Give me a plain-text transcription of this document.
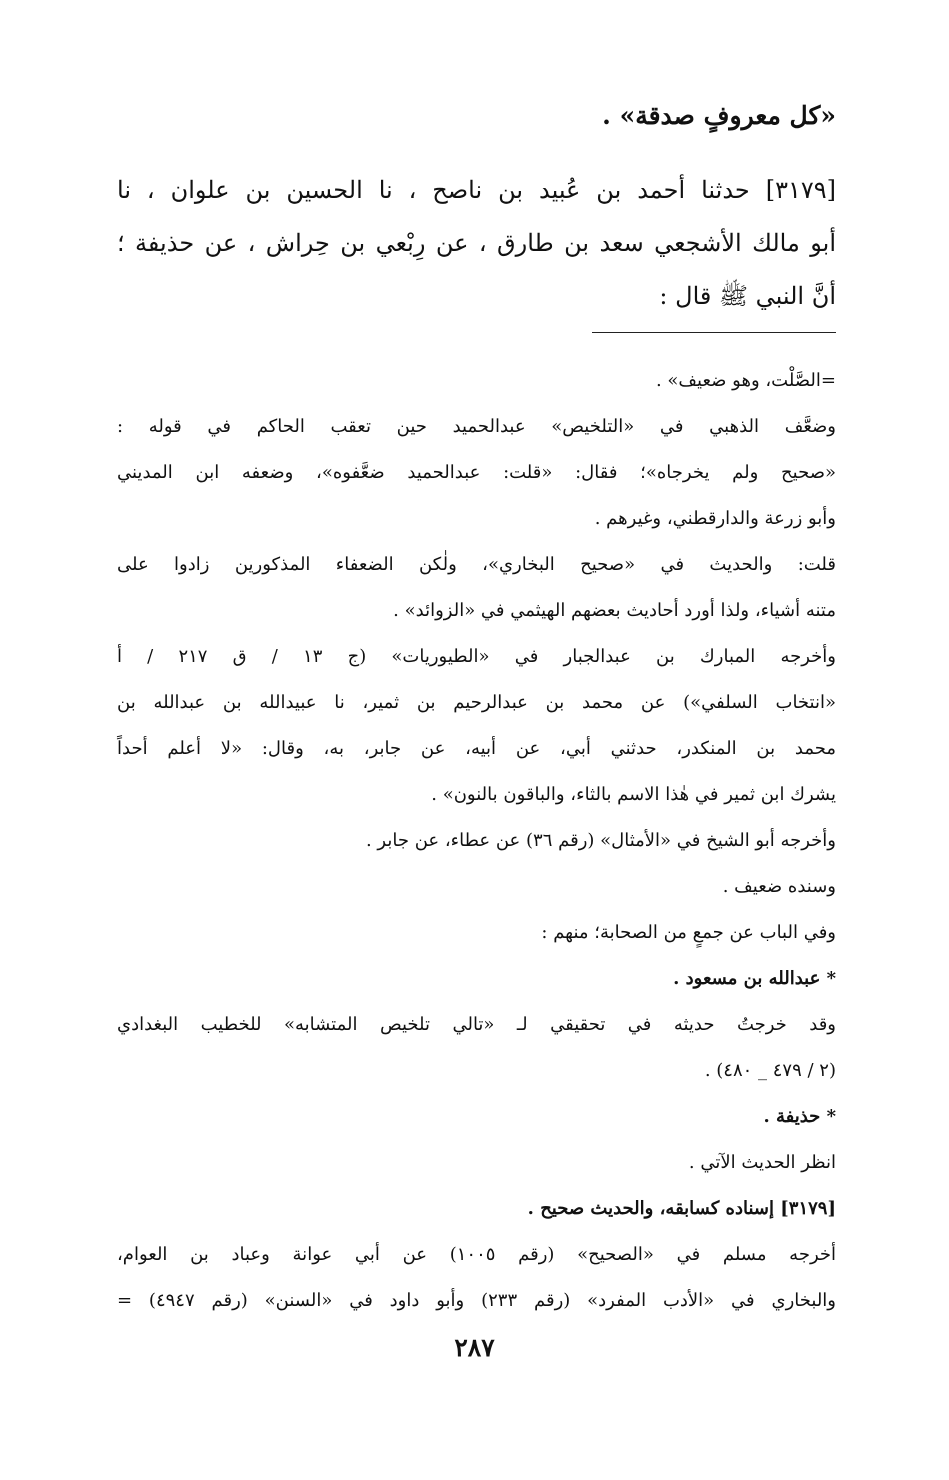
«كل معروفٍ صدقة» .
[٣١٧٩] حدثنا أحمد بن عُبيد بن ناصح ، نا الحسين بن علوان ، نا
أبو مالك الأشجعي سعد بن طارق ، عن رِبْعي بن حِراش ، عن حذيفة ؛
أنَّ النبي ﷺ قال :
=الصَّلْت، وهو ضعيف» .
وضعَّف الذهبي في «التلخيص» عبدالحميد حين تعقب الحاكم في قوله :
«صحيح ولم يخرجاه»؛ فقال: «قلت: عبدالحميد ضعَّفوه»، وضعفه ابن المديني
وأبو زرعة والدارقطني، وغيرهم .
قلت: والحديث في «صحيح البخاري»، ولٰكن الضعفاء المذكورين زادوا على
متنه أشياء، ولذا أورد أحاديث بعضهم الهيثمي في «الزوائد» .
وأخرجه المبارك بن عبدالجبار في «الطيوريات» (ج ١٣ / ق ٢١٧ / أ
«انتخاب السلفي») عن محمد بن عبدالرحيم بن ثمير، نا عبيدالله بن عبدالله بن
محمد بن المنكدر، حدثني أبي، عن أبيه، عن جابر، به، وقال: «لا أعلم أحداً
يشرك ابن ثمير في هٰذا الاسم بالثاء، والباقون بالنون» .
وأخرجه أبو الشيخ في «الأمثال» (رقم ٣٦) عن عطاء، عن جابر .
وسنده ضعيف .
وفي الباب عن جمعٍ من الصحابة؛ منهم :
* عبدالله بن مسعود .
وقد خرجتُ حديثه في تحقيقي لـ «تالي تلخيص المتشابه» للخطيب البغدادي
(٢ / ٤٧٩ _ ٤٨٠) .
* حذيفة .
انظر الحديث الآتي .
[٣١٧٩] إسناده كسابقه، والحديث صحيح .
أخرجه مسلم في «الصحيح» (رقم ١٠٠٥) عن أبي عوانة وعباد بن العوام،
والبخاري في «الأدب المفرد» (رقم ٢٣٣) وأبو داود في «السنن» (رقم ٤٩٤٧) =
٢٨٧
